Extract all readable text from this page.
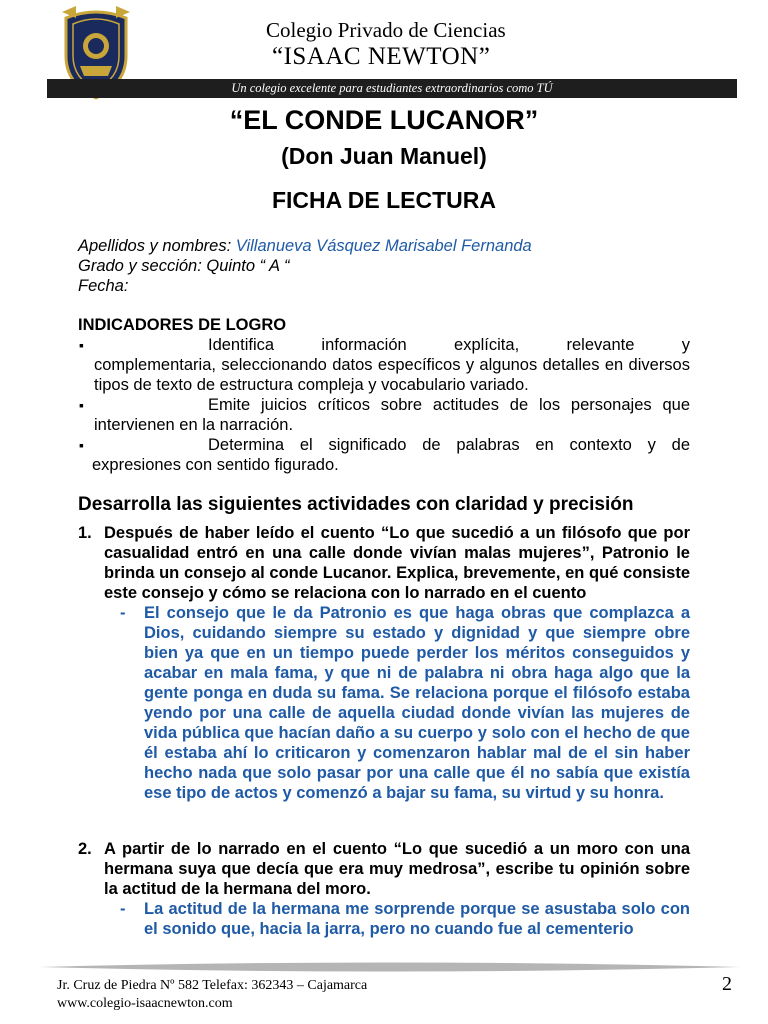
Colegio Privado de Ciencias
“ISAAC NEWTON”
Un colegio excelente para estudiantes extraordinarios como TÚ
“EL CONDE LUCANOR”
(Don Juan Manuel)
FICHA DE LECTURA
Apellidos y nombres: Villanueva Vásquez Marisabel Fernanda
Grado y sección: Quinto “ A “
Fecha:
INDICADORES DE LOGRO
▪	Identifica información explícita, relevante y
complementaria, seleccionando datos específicos y algunos detalles en diversos tipos de texto de estructura compleja y vocabulario variado.
▪	Emite juicios críticos sobre actitudes de los personajes que
intervienen en la narración.
▪	Determina el significado de palabras en contexto y de
expresiones con sentido figurado.
Desarrolla las siguientes actividades con claridad y precisión
1. Después de haber leído el cuento “Lo que sucedió a un filósofo que por casualidad entró en una calle donde vivían malas mujeres”, Patronio le brinda un consejo al conde Lucanor. Explica, brevemente, en qué consiste este consejo y cómo se relaciona con lo narrado en el cuento
- El consejo que le da Patronio es que haga obras que complazca a Dios, cuidando siempre su estado y dignidad y que siempre obre bien ya que en un tiempo puede perder los méritos conseguidos y acabar en mala fama, y que ni de palabra ni obra haga algo que la gente ponga en duda su fama. Se relaciona porque el filósofo estaba yendo por una calle de aquella ciudad donde vivían las mujeres de vida pública que hacían daño a su cuerpo y solo con el hecho de que él estaba ahí lo criticaron y comenzaron hablar mal de el sin haber hecho nada que solo pasar por una calle que él no sabía que existía ese tipo de actos y comenzó a bajar su fama, su virtud y su honra.
2. A partir de lo narrado en el cuento “Lo que sucedió a un moro con una hermana suya que decía que era muy medrosa”, escribe tu opinión sobre la actitud de la hermana del moro.
- La actitud de la hermana me sorprende porque se asustaba solo con el sonido que, hacia la jarra, pero no cuando fue al cementerio
Jr. Cruz de Piedra Nº 582 Telefax: 362343 – Cajamarca
www.colegio-isaacnewton.com
2
